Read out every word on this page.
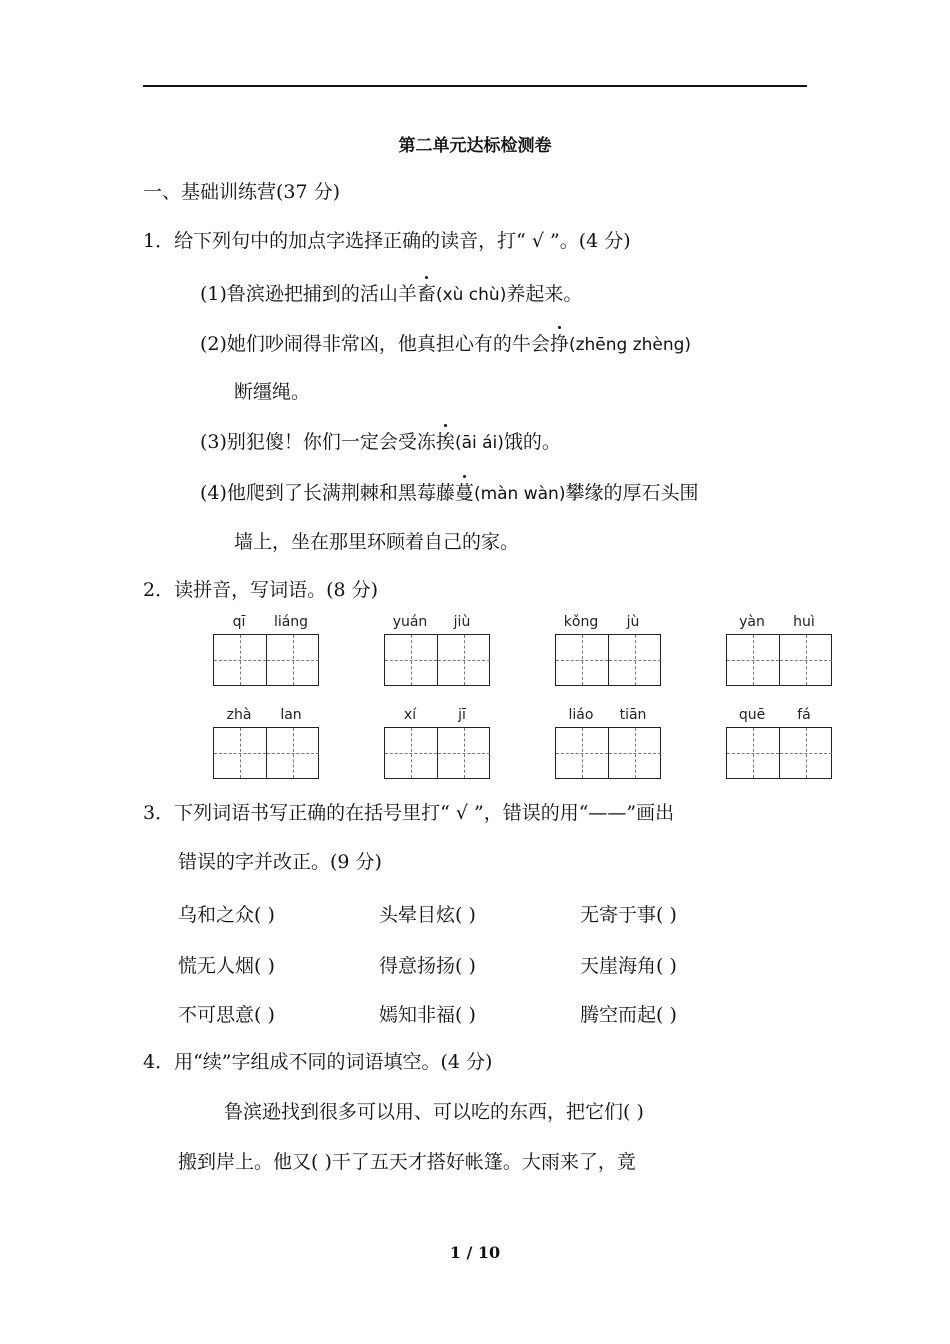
第二单元达标检测卷
一、基础训练营(37 分)
1．给下列句中的加点字选择正确的读音，打“ √ ”。(4 分)
(1)鲁滨逊把捕到的活山羊畜(xù chù)养起来。
(2)她们吵闹得非常凶，他真担心有的牛会挣(zhēng zhèng)
断缰绳。
(3)别犯傻！你们一定会受冻挨(āi ái)饿的。
(4)他爬到了长满荆棘和黑莓藤蔓(màn wàn)攀缘的厚石头围
墙上，坐在那里环顾着自己的家。
2．读拼音，写词语。(8 分)
qī	liáng	yuán	jiù	kǒng	jù	yàn	huì
zhà	lan	xí	jī	liáo	tiān	quē	fá
3．下列词语书写正确的在括号里打“ √ ”，错误的用“——”画出
错误的字并改正。(9 分)
乌和之众( )	头晕目炫( )	无寄于事( )
慌无人烟( )	得意扬扬( )	天崖海角( )
不可思意( )	嫣知非福( )	腾空而起( )
4．用“续”字组成不同的词语填空。(4 分)
鲁滨逊找到很多可以用、可以吃的东西，把它们( )
搬到岸上。他又( )干了五天才搭好帐篷。大雨来了，竟
1 / 10
